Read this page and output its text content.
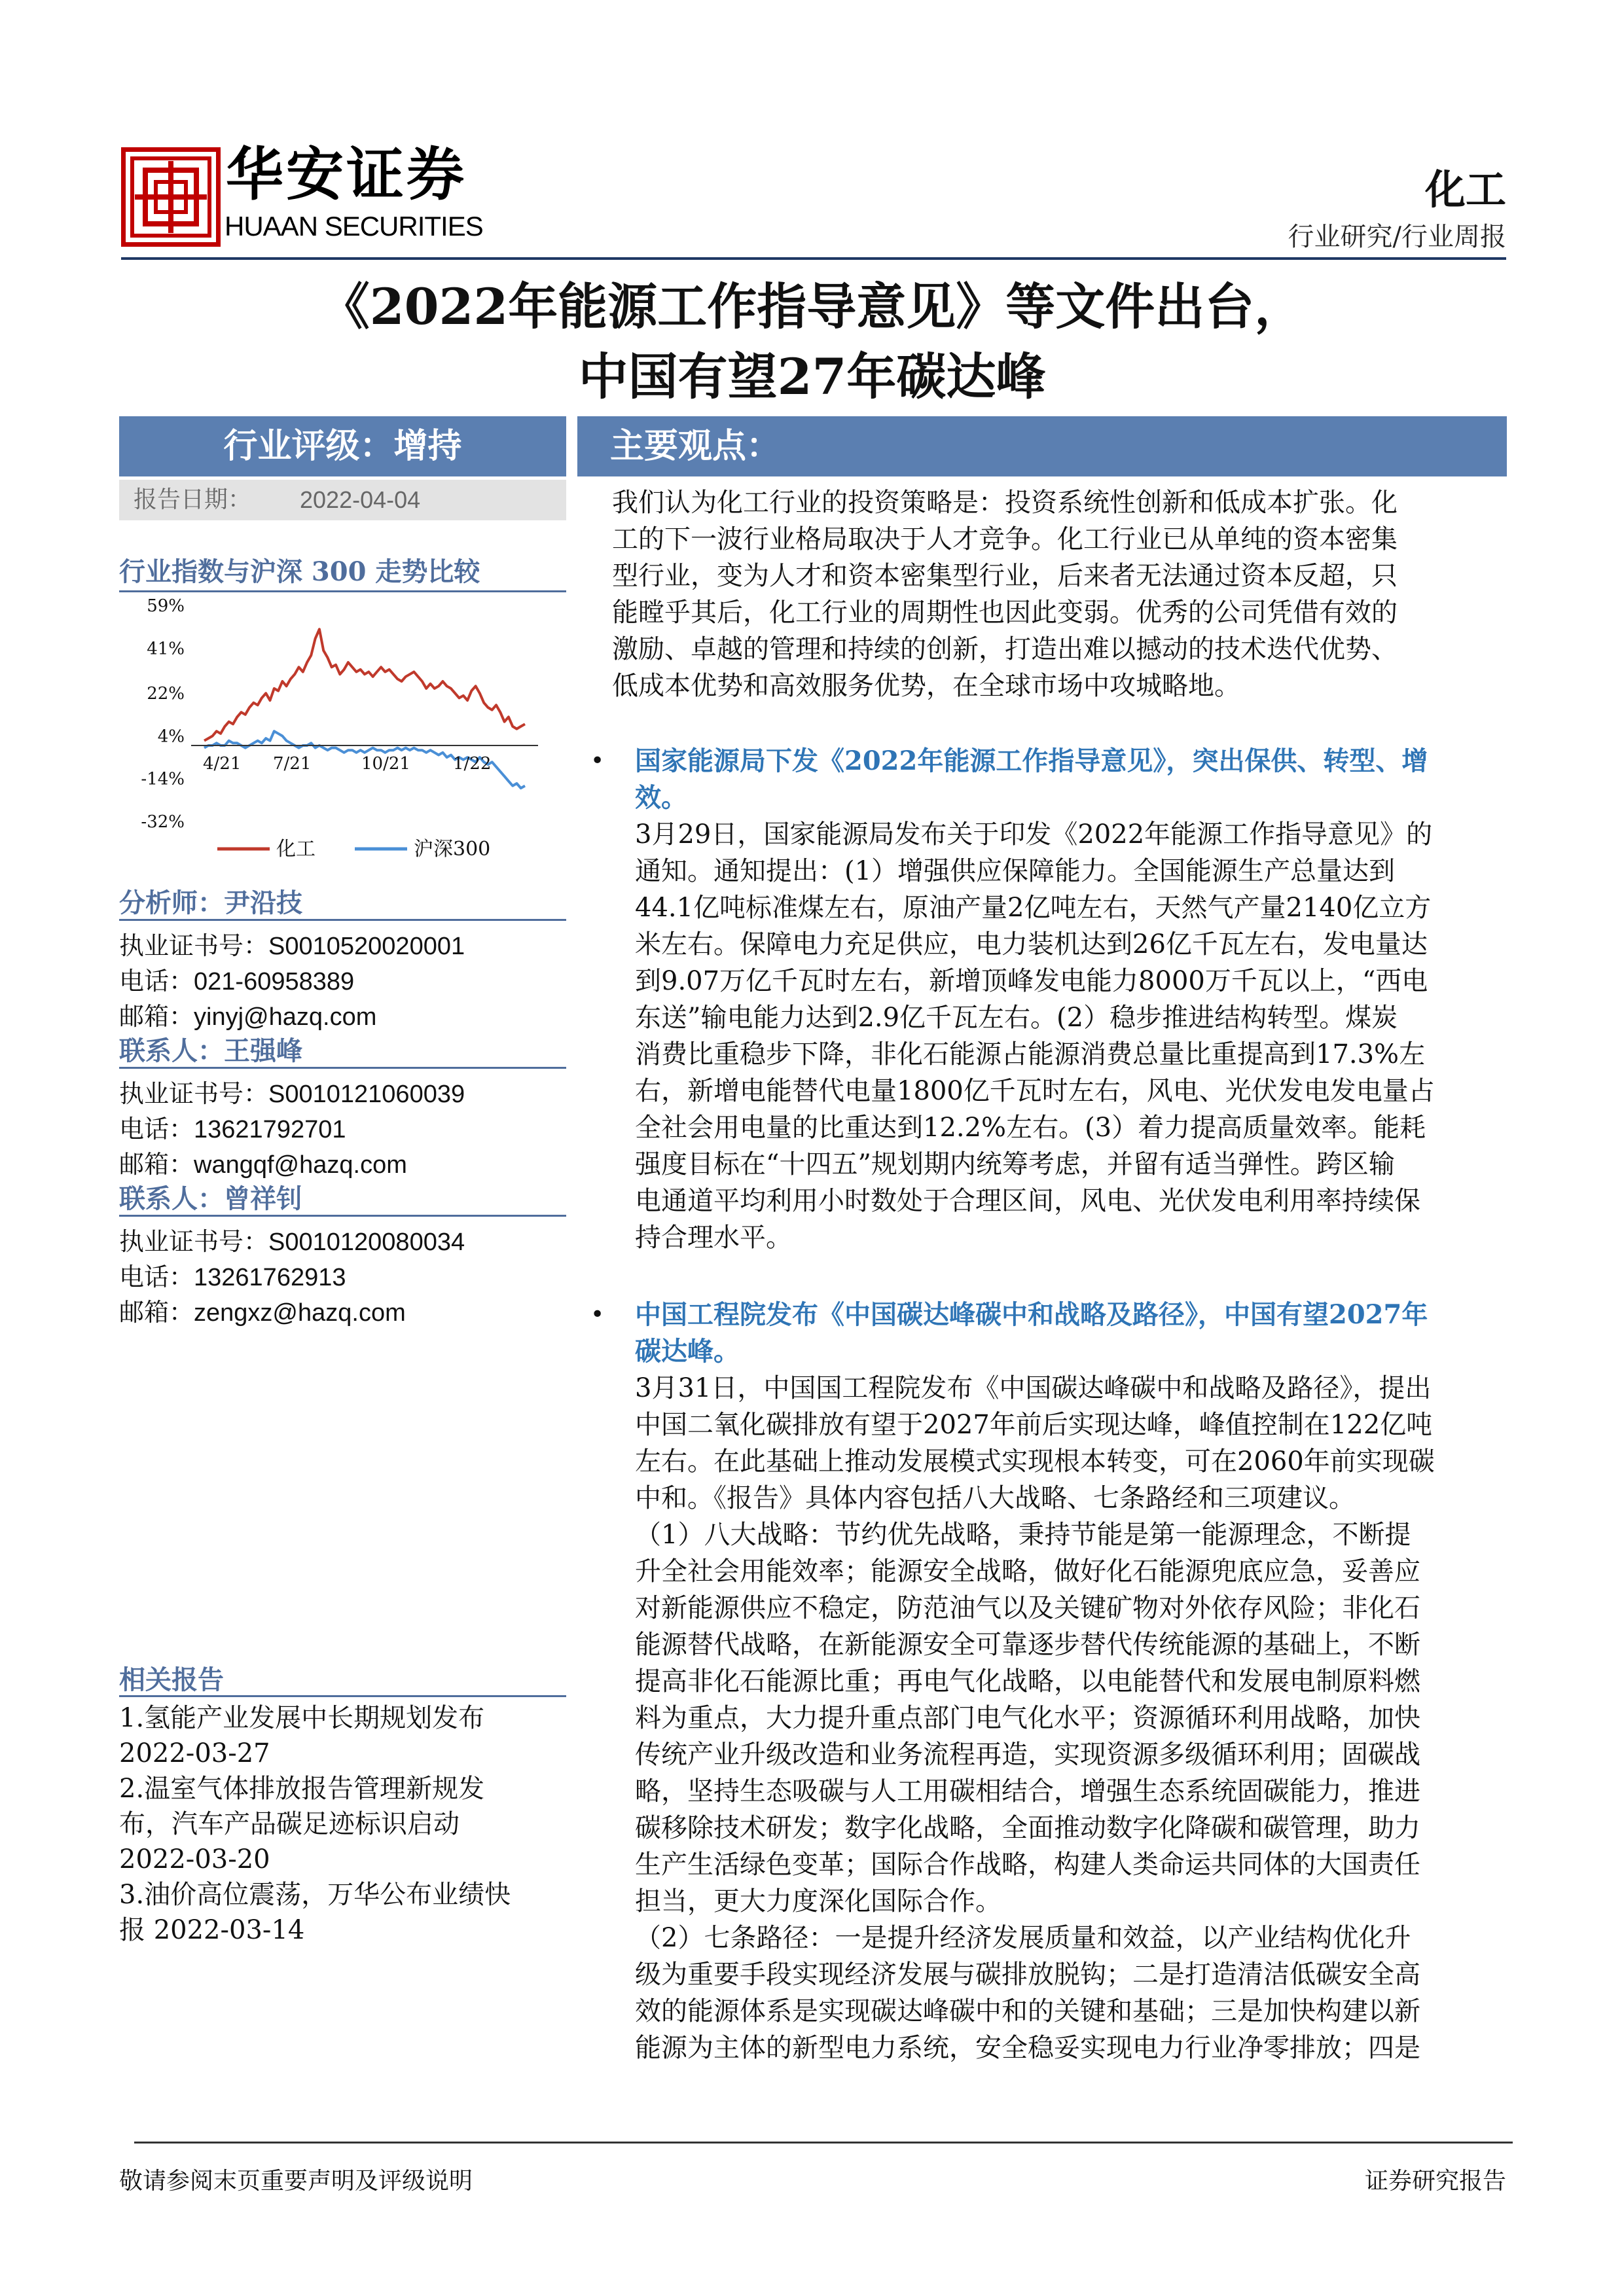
华安证券
HUAAN SECURITIES
化工
行业研究/行业周报
《2022年能源工作指导意见》等文件出台，
中国有望27年碳达峰
行业评级：增持
报告日期： 2022-04-04
行业指数与沪深 300 走势比较
59%
41%
22%
4%
-14%
-32%
4/21 7/21	10/21	1/22
化工	沪深300
分析师：尹沿技
执业证书号：S0010520020001
电话：021-60958389
邮箱：yinyj@hazq.com
联系人：王强峰
执业证书号：S0010121060039
电话：13621792701
邮箱：wangqf@hazq.com
联系人：曾祥钊
执业证书号：S0010120080034
电话：13261762913
邮箱：zengxz@hazq.com
相关报告
1.氢能产业发展中长期规划发布
2022-03-27
2.温室气体排放报告管理新规发
布，汽车产品碳足迹标识启动
2022-03-20
3.油价高位震荡，万华公布业绩快
报 2022-03-14
主要观点：
我们认为化工行业的投资策略是：投资系统性创新和低成本扩张。化
工的下一波行业格局取决于人才竞争。化工行业已从单纯的资本密集
型行业，变为人才和资本密集型行业，后来者无法通过资本反超，只
能瞠乎其后，化工行业的周期性也因此变弱。优秀的公司凭借有效的
激励、卓越的管理和持续的创新，打造出难以撼动的技术迭代优势、
低成本优势和高效服务优势，在全球市场中攻城略地。
• 国家能源局下发《2022年能源工作指导意见》，突出保供、转型、增
效。
3月29日，国家能源局发布关于印发《2022年能源工作指导意见》的
通知。通知提出：(1）增强供应保障能力。全国能源生产总量达到
44.1亿吨标准煤左右，原油产量2亿吨左右，天然气产量2140亿立方
米左右。保障电力充足供应，电力装机达到26亿千瓦左右，发电量达
到9.07万亿千瓦时左右，新增顶峰发电能力8000万千瓦以上，“西电
东送”输电能力达到2.9亿千瓦左右。(2）稳步推进结构转型。煤炭
消费比重稳步下降，非化石能源占能源消费总量比重提高到17.3%左
右，新增电能替代电量1800亿千瓦时左右，风电、光伏发电发电量占
全社会用电量的比重达到12.2%左右。(3）着力提高质量效率。能耗
强度目标在“十四五”规划期内统筹考虑，并留有适当弹性。跨区输
电通道平均利用小时数处于合理区间，风电、光伏发电利用率持续保
持合理水平。
• 中国工程院发布《中国碳达峰碳中和战略及路径》，中国有望2027年
碳达峰。
3月31日，中国国工程院发布《中国碳达峰碳中和战略及路径》，提出
中国二氧化碳排放有望于2027年前后实现达峰，峰值控制在122亿吨
左右。在此基础上推动发展模式实现根本转变，可在2060年前实现碳
中和。《报告》具体内容包括八大战略、七条路经和三项建议。
（1）八大战略：节约优先战略，秉持节能是第一能源理念，不断提
升全社会用能效率；能源安全战略，做好化石能源兜底应急，妥善应
对新能源供应不稳定，防范油气以及关键矿物对外依存风险；非化石
能源替代战略，在新能源安全可靠逐步替代传统能源的基础上，不断
提高非化石能源比重；再电气化战略，以电能替代和发展电制原料燃
料为重点，大力提升重点部门电气化水平；资源循环利用战略，加快
传统产业升级改造和业务流程再造，实现资源多级循环利用；固碳战
略，坚持生态吸碳与人工用碳相结合，增强生态系统固碳能力，推进
碳移除技术研发；数字化战略，全面推动数字化降碳和碳管理，助力
生产生活绿色变革；国际合作战略，构建人类命运共同体的大国责任
担当，更大力度深化国际合作。
（2）七条路径：一是提升经济发展质量和效益，以产业结构优化升
级为重要手段实现经济发展与碳排放脱钩；二是打造清洁低碳安全高
效的能源体系是实现碳达峰碳中和的关键和基础；三是加快构建以新
能源为主体的新型电力系统，安全稳妥实现电力行业净零排放；四是
敬请参阅末页重要声明及评级说明	证券研究报告
